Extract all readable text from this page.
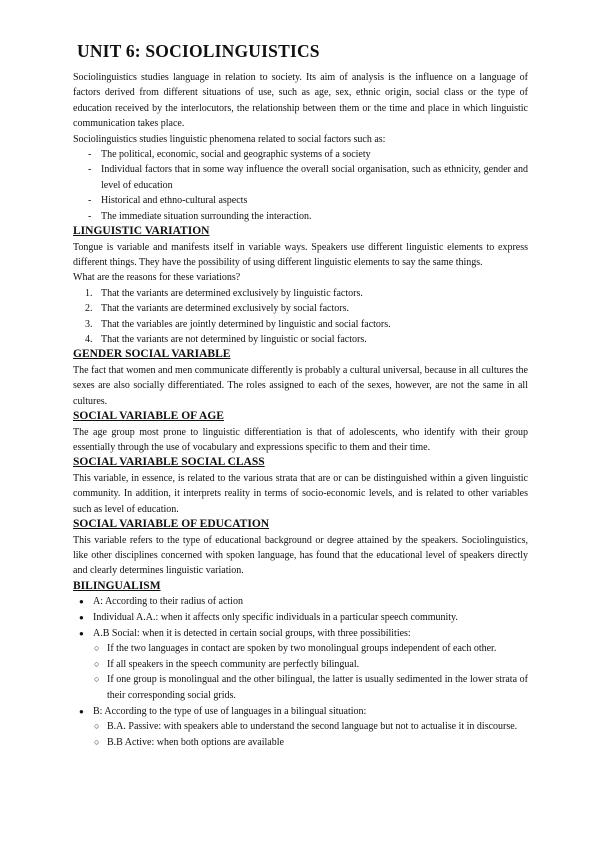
UNIT 6: SOCIOLINGUISTICS

Sociolinguistics studies language in relation to society. Its aim of analysis is the influence on a language of factors derived from different situations of use, such as age, sex, ethnic origin, social class or the type of education received by the interlocutors, the relationship between them or the time and place in which linguistic communication takes place.

Sociolinguistics studies linguistic phenomena related to social factors such as:

- The political, economic, social and geographic systems of a society
- Individual factors that in some way influence the overall social organisation, such as ethnicity, gender and level of education
- Historical and ethno-cultural aspects
- The immediate situation surrounding the interaction.
LINGUISTIC VARIATION

Tongue is variable and manifests itself in variable ways. Speakers use different linguistic elements to express different things. They have the possibility of using different linguistic elements to say the same things.

What are the reasons for these variations?

1. That the variants are determined exclusively by linguistic factors.
2. That the variants are determined exclusively by social factors.
3. That the variables are jointly determined by linguistic and social factors.
4. That the variants are not determined by linguistic or social factors.
GENDER SOCIAL VARIABLE

The fact that women and men communicate differently is probably a cultural universal, because in all cultures the sexes are also socially differentiated. The roles assigned to each of the sexes, however, are not the same in all cultures.

SOCIAL VARIABLE OF AGE

The age group most prone to linguistic differentiation is that of adolescents, who identify with their group essentially through the use of vocabulary and expressions specific to them and their time.

SOCIAL VARIABLE SOCIAL CLASS

This variable, in essence, is related to the various strata that are or can be distinguished within a given linguistic community. In addition, it interprets reality in terms of socio-economic levels, and is related to other variables such as level of education.

SOCIAL VARIABLE OF EDUCATION

This variable refers to the type of educational background or degree attained by the speakers. Sociolinguistics, like other disciplines concerned with spoken language, has found that the educational level of speakers directly and clearly determines linguistic variation.

BILINGUALISM
● A: According to their radius of action
● Individual A.A.: when it affects only specific individuals in a particular speech community.
● A.B Social: when it is detected in certain social groups, with three possibilities:
○ If the two languages in contact are spoken by two monolingual groups independent of each other.
○ If all speakers in the speech community are perfectly bilingual.
○ If one group is monolingual and the other bilingual, the latter is usually sedimented in the lower strata of their corresponding social grids.
● B: According to the type of use of languages in a bilingual situation:
○ B.A. Passive: with speakers able to understand the second language but not to actualise it in discourse.
○ B.B Active: when both options are available
